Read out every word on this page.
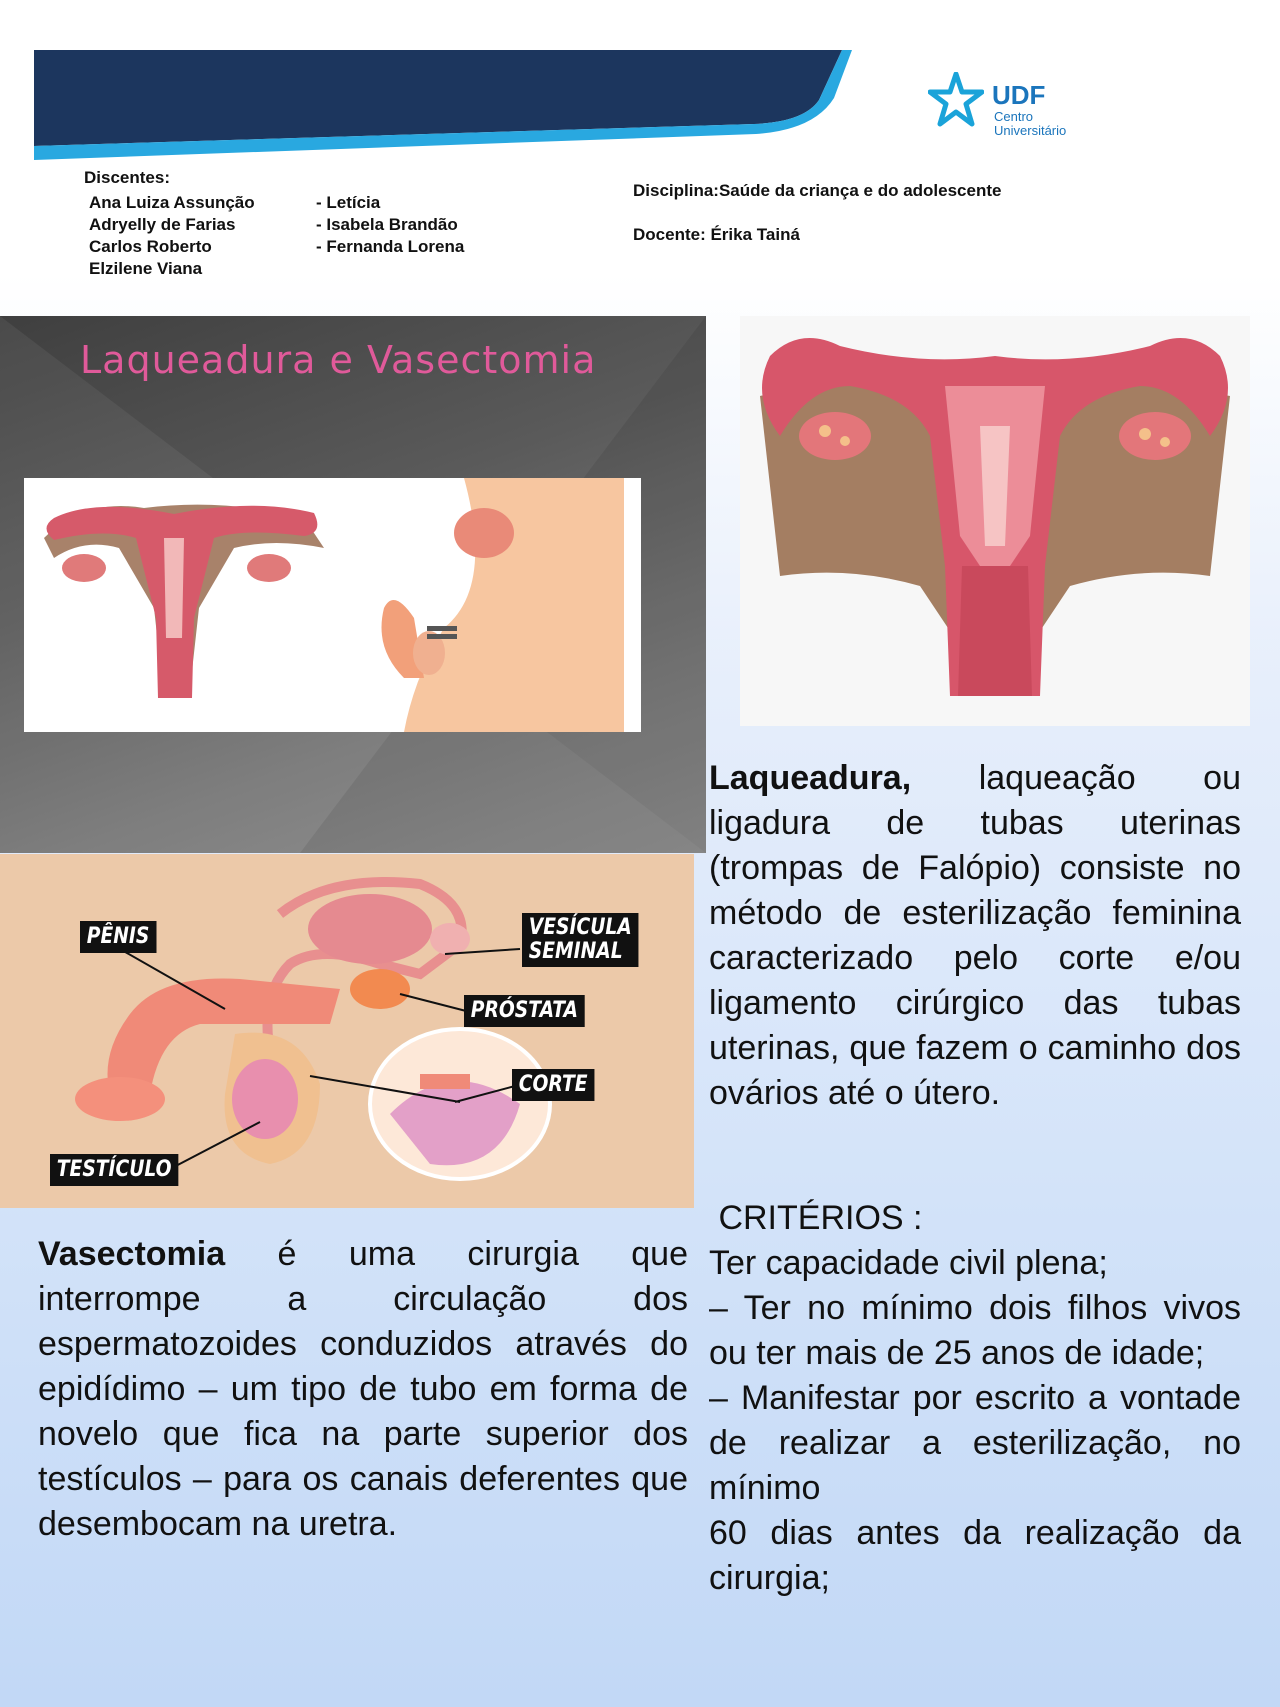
UDF
Centro
Universitário
Discentes:
Ana Luiza Assunção
Adryelly de Farias
Carlos Roberto
Elzilene Viana
- Letícia
- Isabela Brandão
- Fernanda Lorena
Disciplina:Saúde da criança e do adolescente
Docente: Érika Tainá
Laqueadura e Vasectomia
PÊNIS	VESÍCULA
SEMINAL
PRÓSTATA
CORTE
TESTÍCULO
Laqueadura, laqueação ou ligadura de tubas uterinas (trompas de Falópio) consiste no método de esterilização feminina caracterizado pelo corte e/ou ligamento cirúrgico das tubas uterinas, que fazem o caminho dos ovários até o útero.
Vasectomia é uma cirurgia que interrompe a circulação dos espermatozoides conduzidos através do epidídimo – um tipo de tubo em forma de novelo que fica na parte superior dos testículos – para os canais deferentes que desembocam na uretra.
CRITÉRIOS :
Ter capacidade civil plena;
– Ter no mínimo dois filhos vivos ou ter mais de 25 anos de idade;
– Manifestar por escrito a vontade de realizar a esterilização, no mínimo
60 dias antes da realização da cirurgia;
